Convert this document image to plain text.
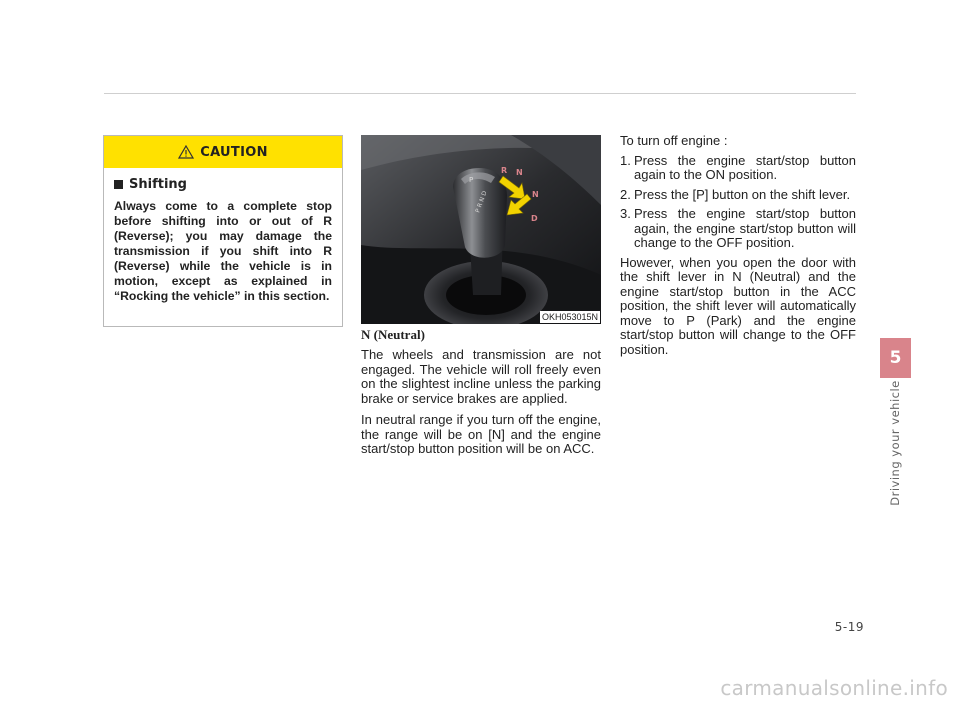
CAUTION
Shifting
Always come to a complete stop before shifting into or out of R (Reverse); you may damage the transmission if you shift into R (Reverse) while the vehicle is in motion, except as explained in “Rocking the vehicle” in this section.
P
P R N D
R N
N
D
OKH053015N
N (Neutral)

The wheels and transmission are not engaged. The vehicle will roll freely even on the slightest incline unless the parking brake or service brakes are applied.

In neutral range if you turn off the engine, the range will be on [N] and the engine start/stop button position will be on ACC.

To turn off engine :

1. Press the engine start/stop button again to the ON position.
2. Press the [P] button on the shift lever.
3. Press the engine start/stop button again, the engine start/stop button will change to the OFF position.

However, when you open the door with the shift lever in N (Neutral) and the engine start/stop button in the ACC position, the shift lever will automatically move to P (Park) and the engine start/stop button will change to the OFF position.	5
Driving your vehicle
5-19
carmanualsonline.info
